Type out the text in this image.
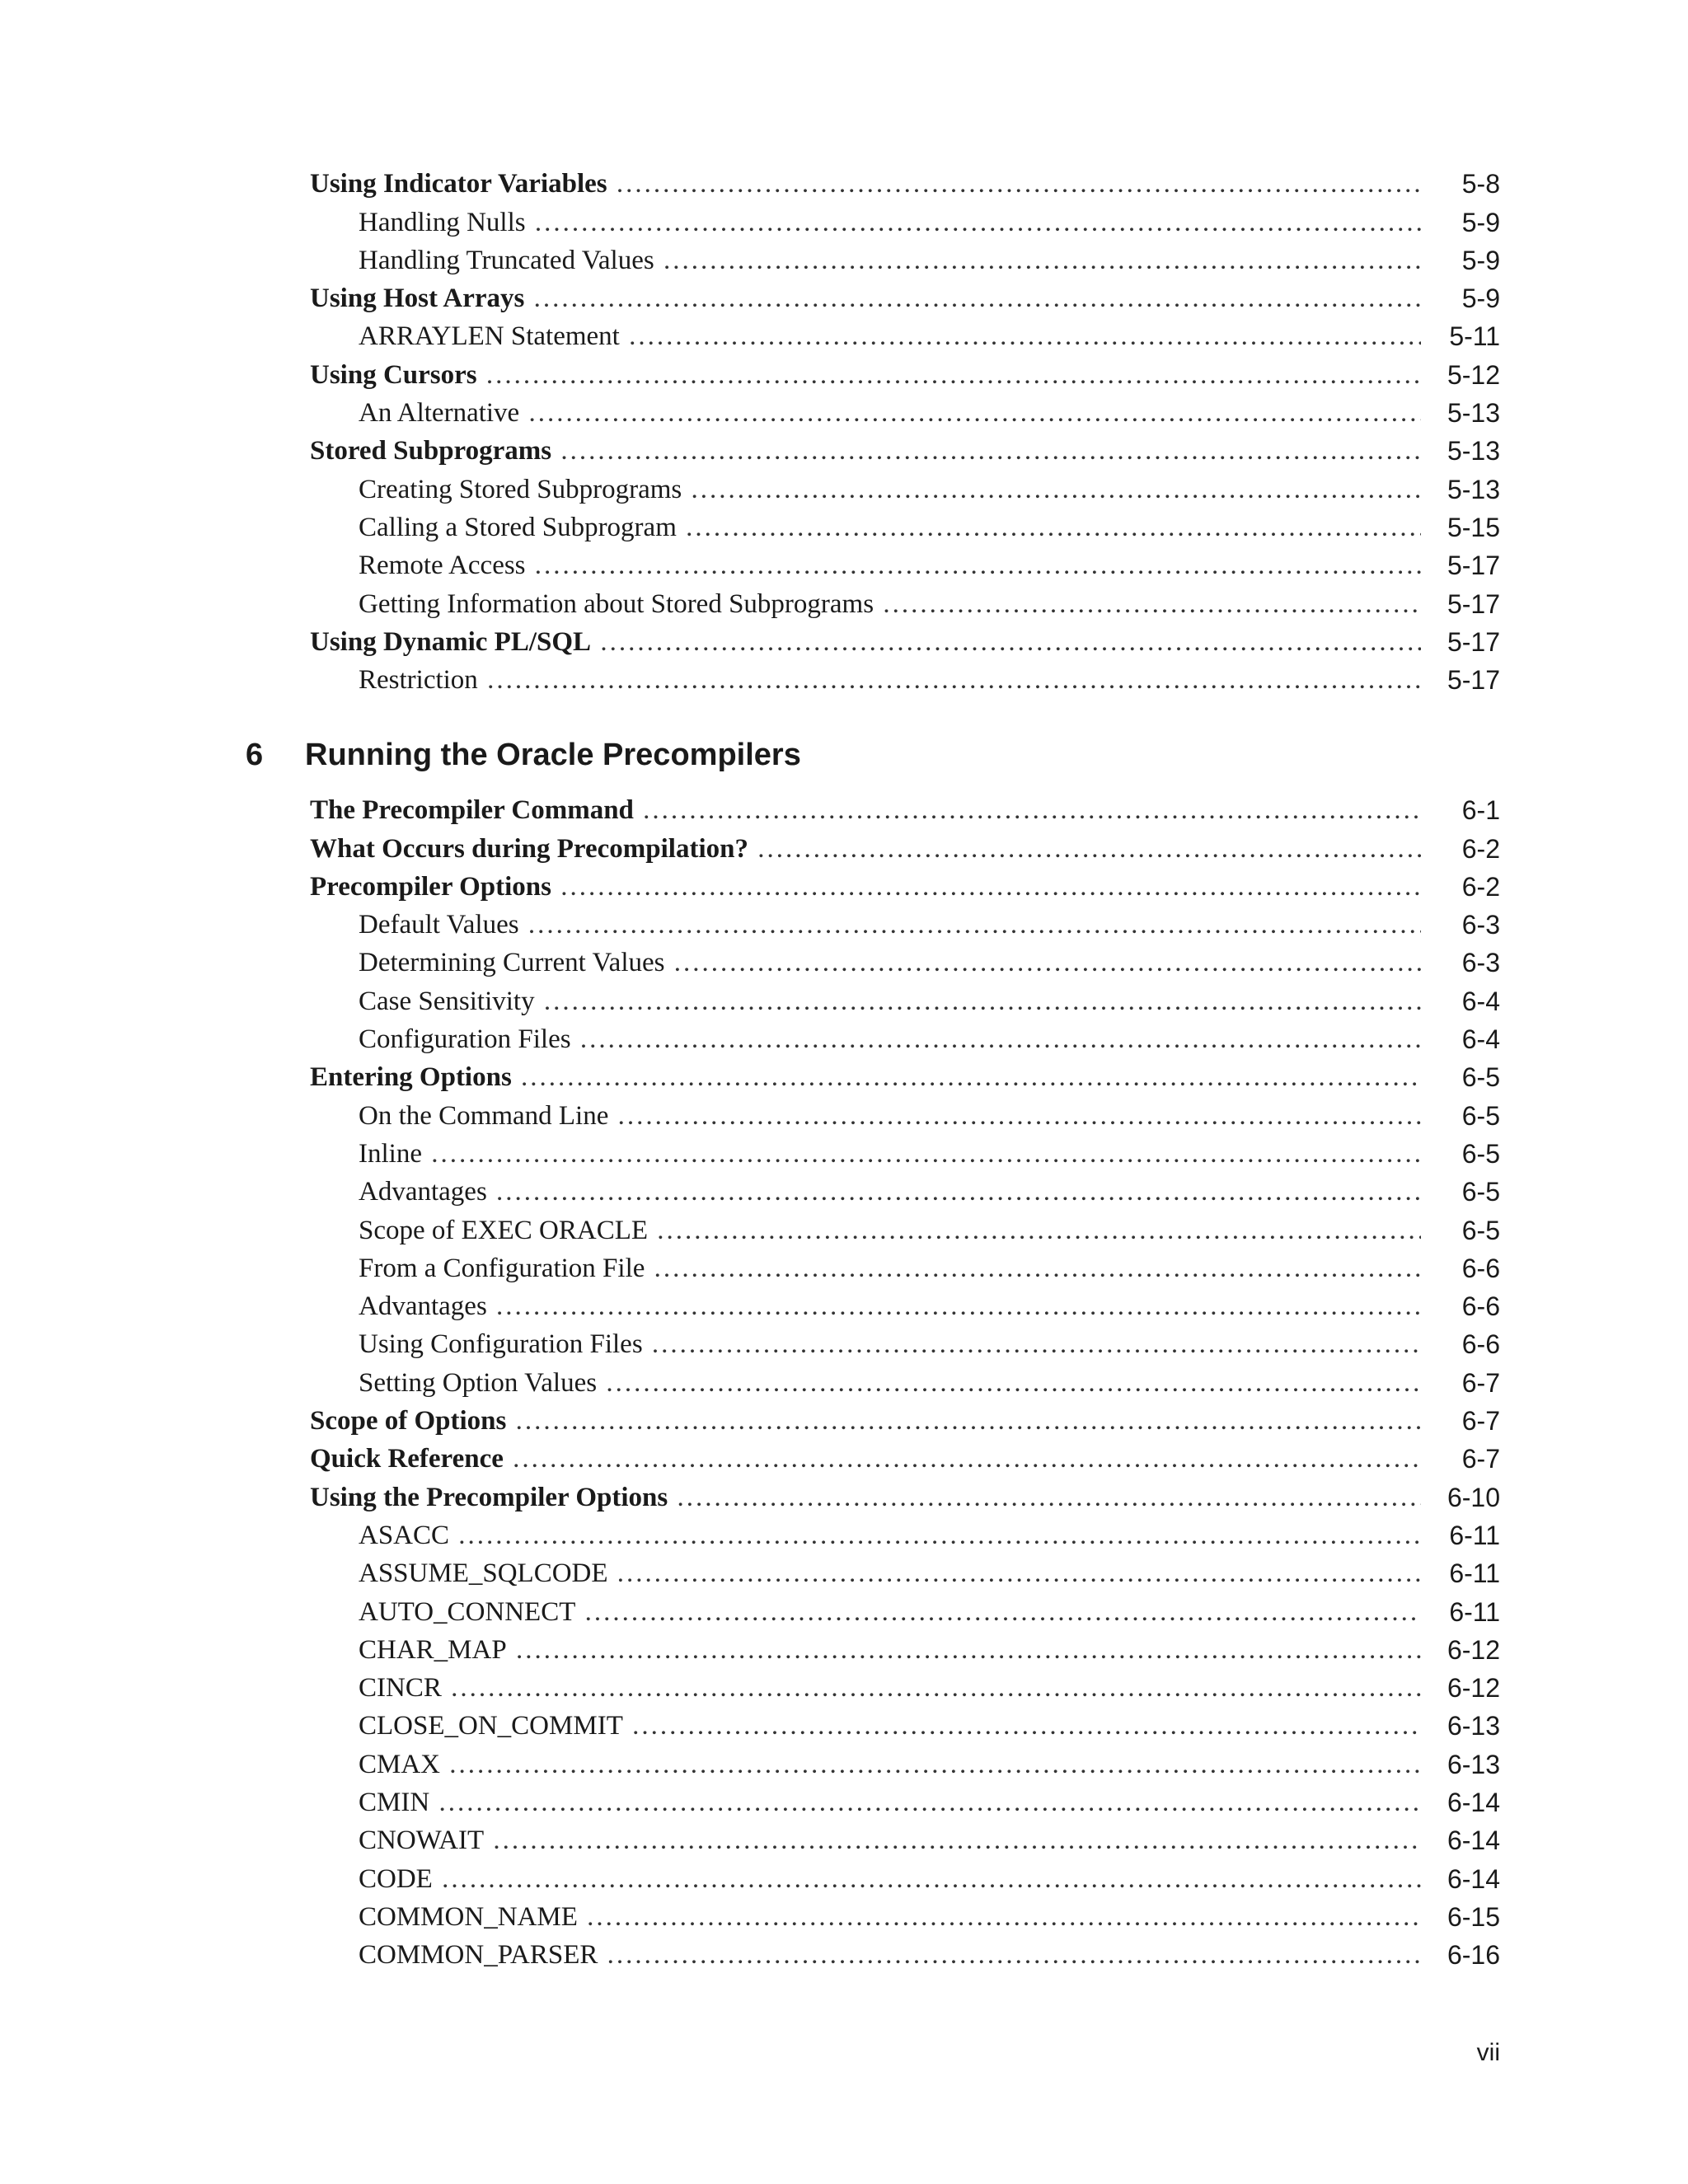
Using Indicator Variables .....	5-8
Handling Nulls .....	5-9
Handling Truncated Values .....	5-9
Using Host Arrays .....	5-9
ARRAYLEN Statement .....	5-11
Using Cursors .....	5-12
An Alternative .....	5-13
Stored Subprograms .....	5-13
Creating Stored Subprograms .....	5-13
Calling a Stored Subprogram .....	5-15
Remote Access .....	5-17
Getting Information about Stored Subprograms .....	5-17
Using Dynamic PL/SQL .....	5-17
Restriction .....	5-17
6 Running the Oracle Precompilers
The Precompiler Command .....	6-1
What Occurs during Precompilation? .....	6-2
Precompiler Options .....	6-2
Default Values .....	6-3
Determining Current Values .....	6-3
Case Sensitivity .....	6-4
Configuration Files .....	6-4
Entering Options .....	6-5
On the Command Line .....	6-5
Inline .....	6-5
Advantages .....	6-5
Scope of EXEC ORACLE .....	6-5
From a Configuration File .....	6-6
Advantages .....	6-6
Using Configuration Files .....	6-6
Setting Option Values .....	6-7
Scope of Options .....	6-7
Quick Reference .....	6-7
Using the Precompiler Options .....	6-10
ASACC .....	6-11
ASSUME_SQLCODE .....	6-11
AUTO_CONNECT .....	6-11
CHAR_MAP .....	6-12
CINCR .....	6-12
CLOSE_ON_COMMIT .....	6-13
CMAX .....	6-13
CMIN .....	6-14
CNOWAIT .....	6-14
CODE .....	6-14
COMMON_NAME .....	6-15
COMMON_PARSER .....	6-16
vii
